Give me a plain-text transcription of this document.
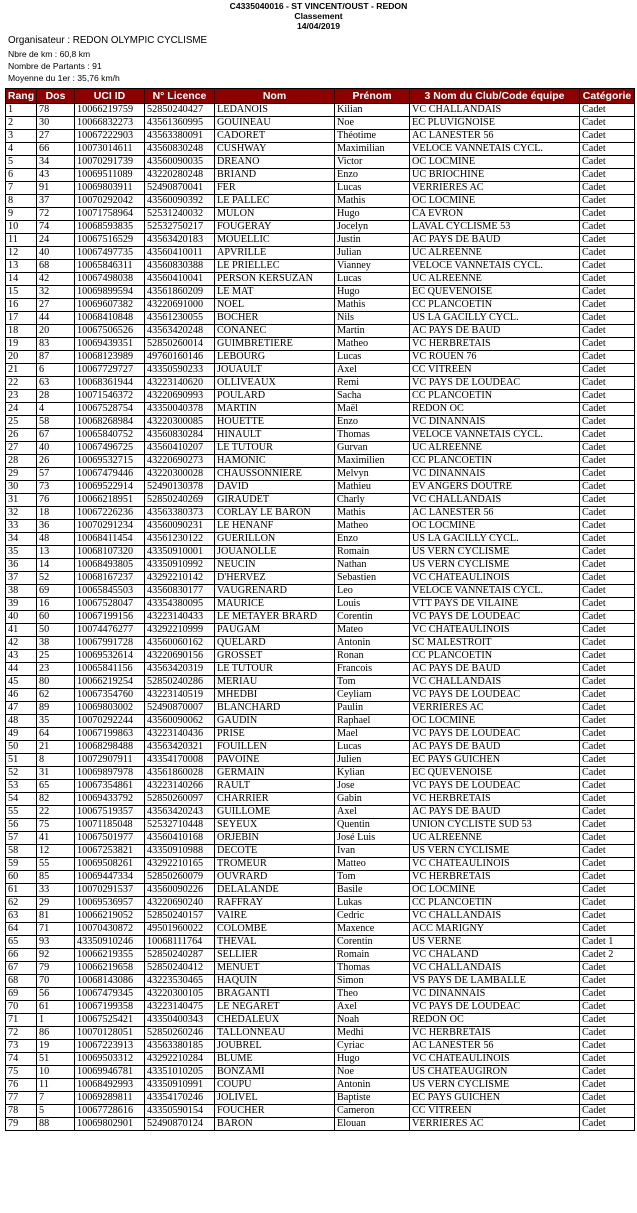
C4335040016 - ST VINCENT/OUST - REDON
Classement
14/04/2019
Organisateur : REDON OLYMPIC CYCLISME
Nbre de km : 60,8 km
Nombre de Partants : 91
Moyenne du 1er : 35,76 km/h
Rang	Dos	UCI ID	N° Licence	Nom	Prénom	3 Nom du Club/Code équipe	Catégorie
1	78	10066219759	52850240427	LEDANOIS	Kilian	VC CHALLANDAIS	Cadet
2	30	10066832273	43561360995	GOUINEAU	Noe	EC PLUVIGNOISE	Cadet
3	27	10067222903	43563380091	CADORET	Théotime	AC LANESTER 56	Cadet
4	66	10073014611	43560830248	CUSHWAY	Maximilian	VELOCE VANNETAIS CYCL.	Cadet
5	34	10070291739	43560090035	DREANO	Victor	OC LOCMINE	Cadet
6	43	10069511089	43220280248	BRIAND	Enzo	UC BRIOCHINE	Cadet
7	91	10069803911	52490870041	FER	Lucas	VERRIERES AC	Cadet
8	37	10070292042	43560090392	LE PALLEC	Mathis	OC LOCMINE	Cadet
9	72	10071758964	52531240032	MULON	Hugo	CA EVRON	Cadet
10	74	10068593835	52532750217	FOUGERAY	Jocelyn	LAVAL CYCLISME 53	Cadet
11	24	10067516529	43563420183	MOUELLIC	Justin	AC PAYS DE BAUD	Cadet
12	40	10067497735	43560410011	APVRILLE	Julian	UC ALREENNE	Cadet
13	68	10065846311	43560830388	LE PRIELLEC	Vianney	VELOCE VANNETAIS CYCL.	Cadet
14	42	10067498038	43560410041	PERSON KERSUZAN	Lucas	UC ALREENNE	Cadet
15	32	10069899594	43561860209	LE MAT	Hugo	EC QUEVENOISE	Cadet
16	27	10069607382	43220691000	NOEL	Mathis	CC PLANCOETIN	Cadet
17	44	10068410848	43561230055	BOCHER	Nils	US LA GACILLY CYCL.	Cadet
18	20	10067506526	43563420248	CONANEC	Martin	AC PAYS DE BAUD	Cadet
19	83	10069439351	52850260014	GUIMBRETIERE	Matheo	VC HERBRETAIS	Cadet
20	87	10068123989	49760160146	LEBOURG	Lucas	VC ROUEN 76	Cadet
21	6	10067729727	43350590233	JOUAULT	Axel	CC VITREEN	Cadet
22	63	10068361944	43223140620	OLLIVEAUX	Remi	VC PAYS DE LOUDEAC	Cadet
23	28	10071546372	43220690993	POULARD	Sacha	CC PLANCOETIN	Cadet
24	4	10067528754	43350040378	MARTIN	Maël	REDON OC	Cadet
25	58	10068268984	43220300085	HOUETTE	Enzo	VC DINANNAIS	Cadet
26	67	10065840752	43560830284	HINAULT	Thomas	VELOCE VANNETAIS CYCL.	Cadet
27	40	10067496725	43560410207	LE TUTOUR	Gurvan	UC ALREENNE	Cadet
28	26	10069532715	43220690273	HAMONIC	Maximilien	CC PLANCOETIN	Cadet
29	57	10067479446	43220300028	CHAUSSONNIERE	Melvyn	VC DINANNAIS	Cadet
30	73	10069522914	52490130378	DAVID	Mathieu	EV ANGERS DOUTRE	Cadet
31	76	10066218951	52850240269	GIRAUDET	Charly	VC CHALLANDAIS	Cadet
32	18	10067226236	43563380373	CORLAY LE BARON	Mathis	AC LANESTER 56	Cadet
33	36	10070291234	43560090231	LE HENANF	Matheo	OC LOCMINE	Cadet
34	48	10068411454	43561230122	GUERILLON	Enzo	US LA GACILLY CYCL.	Cadet
35	13	10068107320	43350910001	JOUANOLLE	Romain	US VERN CYCLISME	Cadet
36	14	10068493805	43350910992	NEUCIN	Nathan	US VERN CYCLISME	Cadet
37	52	10068167237	43292210142	D'HERVEZ	Sebastien	VC CHATEAULINOIS	Cadet
38	69	10065845503	43560830177	VAUGRENARD	Leo	VELOCE VANNETAIS CYCL.	Cadet
39	16	10067528047	43354380095	MAURICE	Louis	VTT PAYS DE VILAINE	Cadet
40	60	10067199156	43223140433	LE METAYER BRARD	Corentin	VC PAYS DE LOUDEAC	Cadet
41	50	10074476277	43292210999	PAUGAM	Mateo	VC CHATEAULINOIS	Cadet
42	38	10067991728	43560060162	QUELARD	Antonin	SC MALESTROIT	Cadet
43	25	10069532614	43220690156	GROSSET	Ronan	CC PLANCOETIN	Cadet
44	23	10065841156	43563420319	LE TUTOUR	Francois	AC PAYS DE BAUD	Cadet
45	80	10066219254	52850240286	MERIAU	Tom	VC CHALLANDAIS	Cadet
46	62	10067354760	43223140519	MHEDBI	Ceyliam	VC PAYS DE LOUDEAC	Cadet
47	89	10069803002	52490870007	BLANCHARD	Paulin	VERRIERES AC	Cadet
48	35	10070292244	43560090062	GAUDIN	Raphael	OC LOCMINE	Cadet
49	64	10067199863	43223140436	PRISE	Mael	VC PAYS DE LOUDEAC	Cadet
50	21	10068298488	43563420321	FOUILLEN	Lucas	AC PAYS DE BAUD	Cadet
51	8	10072907911	43354170008	PAVOINE	Julien	EC PAYS GUICHEN	Cadet
52	31	10069897978	43561860028	GERMAIN	Kylian	EC QUEVENOISE	Cadet
53	65	10067354861	43223140266	RAULT	Jose	VC PAYS DE LOUDEAC	Cadet
54	82	10069433792	52850260097	CHARRIER	Gabin	VC HERBRETAIS	Cadet
55	22	10067519357	43563420243	GUILLOME	Axel	AC PAYS DE BAUD	Cadet
56	75	10071185048	52532710448	SEYEUX	Quentin	UNION CYCLISTE SUD 53	Cadet
57	41	10067501977	43560410168	ORJEBIN	José Luis	UC ALREENNE	Cadet
58	12	10067253821	43350910988	DECOTE	Ivan	US VERN CYCLISME	Cadet
59	55	10069508261	43292210165	TROMEUR	Matteo	VC CHATEAULINOIS	Cadet
60	85	10069447334	52850260079	OUVRARD	Tom	VC HERBRETAIS	Cadet
61	33	10070291537	43560090226	DELALANDE	Basile	OC LOCMINE	Cadet
62	29	10069536957	43220690240	RAFFRAY	Lukas	CC PLANCOETIN	Cadet
63	81	10066219052	52850240157	VAIRE	Cedric	VC CHALLANDAIS	Cadet
64	71	10070430872	49501960022	COLOMBE	Maxence	ACC MARIGNY	Cadet
65	93	43350910246	10068111764	THEVAL	Corentin	US VERNE	Cadet 1
66	92	10066219355	52850240287	SELLIER	Romain	VC CHALAND	Cadet 2
67	79	10066219658	52850240412	MENUET	Thomas	VC CHALLANDAIS	Cadet
68	70	10068143086	43223530465	HAQUIN	Simon	VS PAYS DE LAMBALLE	Cadet
69	56	10067479345	43220300105	BRAGANTI	Theo	VC DINANNAIS	Cadet
70	61	10067199358	43223140475	LE NEGARET	Axel	VC PAYS DE LOUDEAC	Cadet
71	1	10067525421	43350400343	CHEDALEUX	Noah	REDON OC	Cadet
72	86	10070128051	52850260246	TALLONNEAU	Medhi	VC HERBRETAIS	Cadet
73	19	10067223913	43563380185	JOUBREL	Cyriac	AC LANESTER 56	Cadet
74	51	10069503312	43292210284	BLUME	Hugo	VC CHATEAULINOIS	Cadet
75	10	10069946781	43351010205	BONZAMI	Noe	US CHATEAUGIRON	Cadet
76	11	10068492993	43350910991	COUPU	Antonin	US VERN CYCLISME	Cadet
77	7	10069289811	43354170246	JOLIVEL	Baptiste	EC PAYS GUICHEN	Cadet
78	5	10067728616	43350590154	FOUCHER	Cameron	CC VITREEN	Cadet
79	88	10069802901	52490870124	BARON	Elouan	VERRIERES AC	Cadet
